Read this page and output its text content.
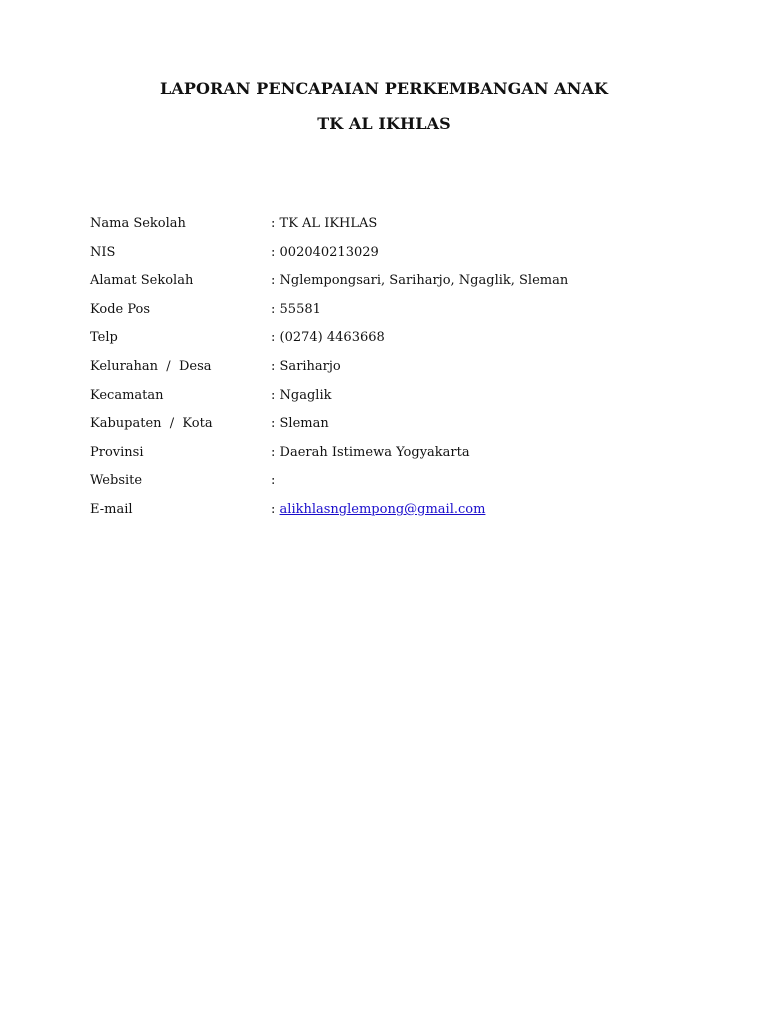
LAPORAN PENCAPAIAN PERKEMBANGAN ANAK
TK AL IKHLAS
Nama Sekolah	: TK AL IKHLAS
NIS	: 002040213029
Alamat Sekolah	: Nglempongsari, Sariharjo, Ngaglik, Sleman
Kode Pos	: 55581
Telp	: (0274) 4463668
Kelurahan  /  Desa	: Sariharjo
Kecamatan	: Ngaglik
Kabupaten  /  Kota	: Sleman
Provinsi	: Daerah Istimewa Yogyakarta
Website	:
E-mail	: alikhlasnglempong@gmail.com
